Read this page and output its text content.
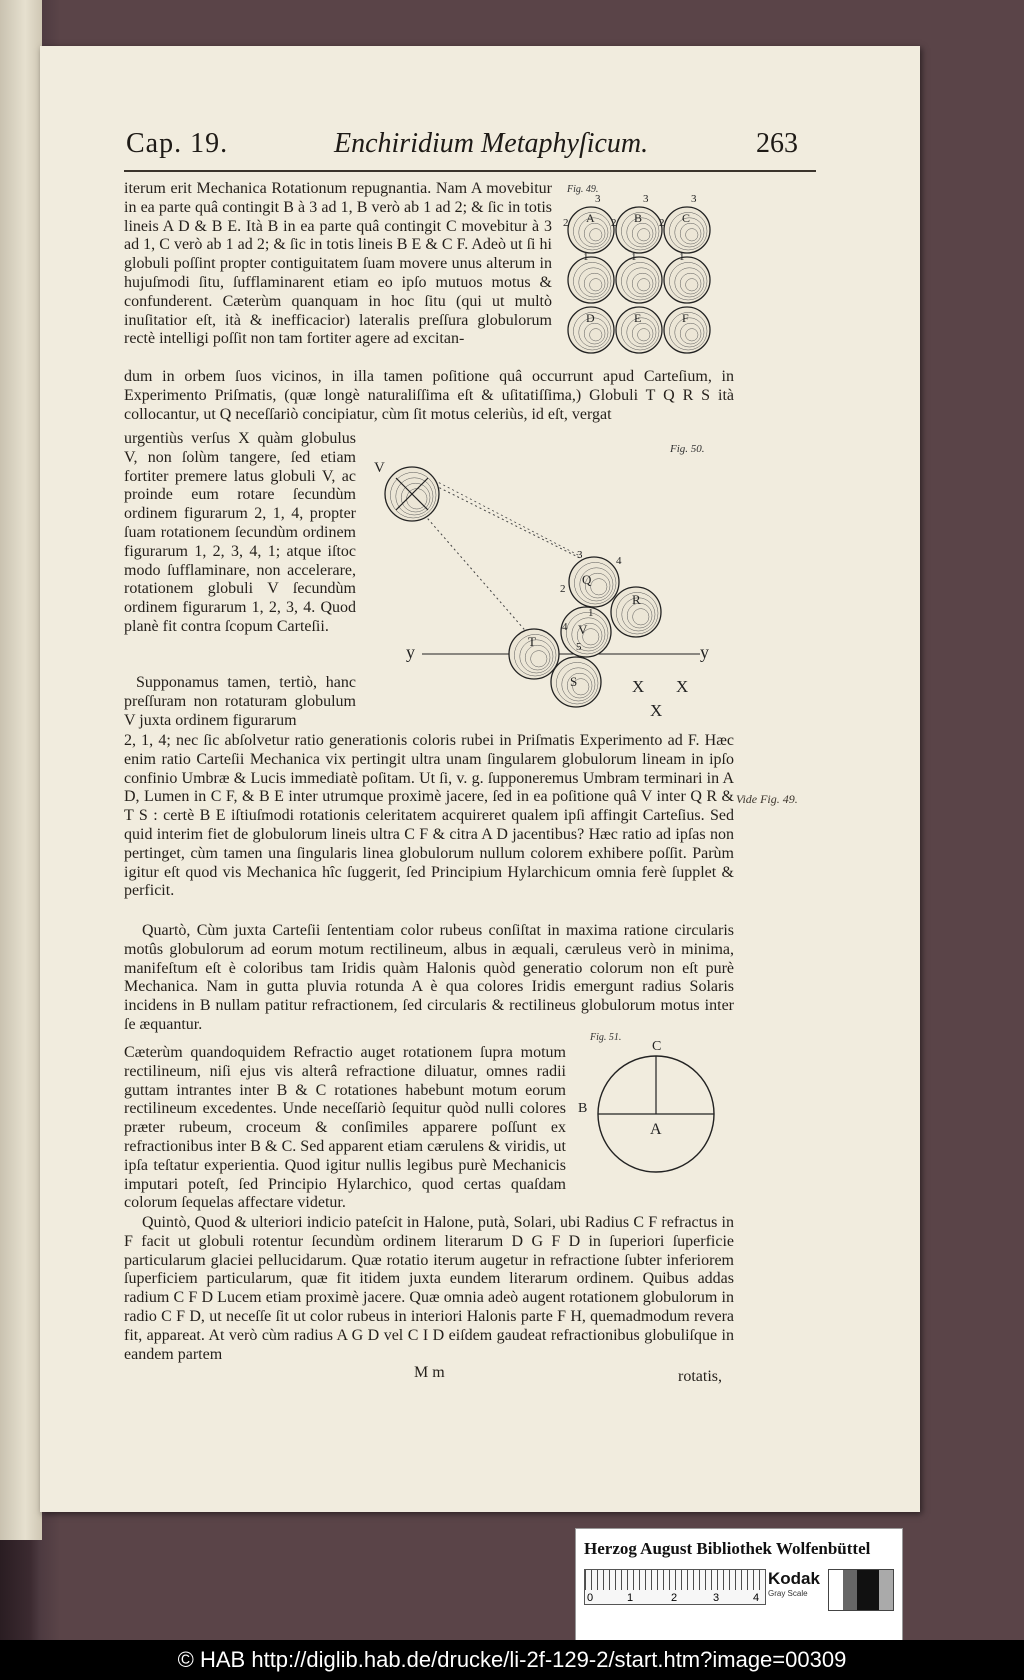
Cap. 19.	Enchiridium Metaphyſicum.	263

iterum erit Mechanica Rotationum repugnantia. Nam A movebitur in ea parte quâ contingit B à 3 ad 1, B verò ab 1 ad 2; & ſic in totis lineis A D & B E. Ità B in ea parte quâ contingit C movebitur à 3 ad 1, C verò ab 1 ad 2; & ſic in totis lineis B E & C F. Adeò ut ſi hi globuli poſſint propter contiguitatem ſuam movere unus alterum in hujuſmodi ſitu, ſufflaminarent etiam eo ipſo mutuos motus & confunderent. Cæterùm quanquam in hoc ſitu (qui ut multò inuſitatior eſt, ità & inefficacior) lateralis preſſura globulorum rectè intelligi poſſit non tam fortiter agere ad excitan-

Fig. 49.
A	B	C
D	E	F
3	3	3
2	2	2
1	1	1

dum in orbem ſuos vicinos, in illa tamen poſitione quâ occurrunt apud Carteſium, in Experimento Priſmatis, (quæ longè naturaliſſima eſt & uſitatiſſima,) Globuli T Q R S ità collocantur, ut Q neceſſariò concipiatur, cùm ſit motus celeriùs, id eſt, vergat

urgentiùs verſus X quàm globulus V, non ſolùm tangere, ſed etiam fortiter premere latus globuli V, ac proinde eum rotare ſecundùm ordinem figurarum 2, 1, 4, propter ſuam rotationem ſecundùm ordinem figurarum 1, 2, 3, 4, 1; atque iſtoc modo ſufflaminare, non accelerare, rotationem globuli V ſecundùm ordinem figurarum 1, 2, 3, 4. Quod planè fit contra ſcopum Carteſii.

Supponamus tamen, tertiò, hanc preſſuram non rotaturam globulum V juxta ordinem figurarum

Fig. 50.
V
y	y
Q
R
T
V
S
3	4
2
1
4
5
X X
X

2, 1, 4; nec ſic abſolvetur ratio generationis coloris rubei in Priſmatis Experimento ad F. Hæc enim ratio Carteſii Mechanica vix pertingit ultra unam ſingularem globulorum lineam in ipſo confinio Umbræ & Lucis immediatè poſitam. Ut ſi, v. g. ſupponeremus Umbram terminari in A D, Lumen in C F, & B E inter utrumque proximè jacere, ſed in ea poſitione quâ V inter Q R & T S : certè B E iſtiuſmodi rotationis celeritatem acquireret qualem ipſi affingit Carteſius. Sed quid interim fiet de globulorum lineis ultra C F & citra A D jacentibus? Hæc ratio ad ipſas non pertinget, cùm tamen una ſingularis linea globulorum nullum colorem exhibere poſſit. Parùm igitur eſt quod vis Mechanica hîc ſuggerit, ſed Principium Hylarchicum omnia ferè ſupplet & perficit.

Vide Fig. 49.

Quartò, Cùm juxta Carteſii ſententiam color rubeus conſiſtat in maxima ratione circularis motûs globulorum ad eorum motum rectilineum, albus in æquali, cæruleus verò in minima, manifeſtum eſt è coloribus tam Iridis quàm Halonis quòd generatio colorum non eſt purè Mechanica. Nam in gutta pluvia rotunda A è qua colores Iridis emergunt radius Solaris incidens in B nullam patitur refractionem, ſed circularis & rectilineus globulorum motus inter ſe æquantur.

Cæterùm quandoquidem Refractio auget rotationem ſupra motum rectilineum, niſi ejus vis alterâ refractione diluatur, omnes radii guttam intrantes inter B & C rotationes habebunt motum eorum rectilineum excedentes. Unde neceſſariò ſequitur quòd nulli colores præter rubeum, croceum & conſimiles apparere poſſunt ex refractionibus inter B & C. Sed apparent etiam cærulens & viridis, ut ipſa teſtatur experientia. Quod igitur nullis legibus purè Mechanicis imputari poteſt, ſed Principio Hylarchico, quod certas quaſdam colorum ſequelas affectare videtur.

Fig. 51.
C
B
A

Quintò, Quod & ulteriori indicio pateſcit in Halone, putà, Solari, ubi Radius C F refractus in F facit ut globuli rotentur ſecundùm ordinem literarum D G F D in ſuperiori ſuperficie particularum glaciei pellucidarum. Quæ rotatio iterum augetur in refractione ſubter inferiorem ſuperficiem particularum, quæ fit itidem juxta eundem literarum ordinem. Quibus addas radium C F D Lucem etiam proximè jacere. Quæ omnia adeò augent rotationem globulorum in radio C F D, ut neceſſe ſit ut color rubeus in interiori Halonis parte F H, quemadmodum revera fit, appareat. At verò cùm radius A G D vel C I D eiſdem gaudeat refractionibus globuliſque in eandem partem

M m	rotatis,
Herzog August Bibliothek Wolfenbüttel
0	1	2	3	4
Kodak
Gray Scale
© HAB http://diglib.hab.de/drucke/li-2f-129-2/start.htm?image=00309
